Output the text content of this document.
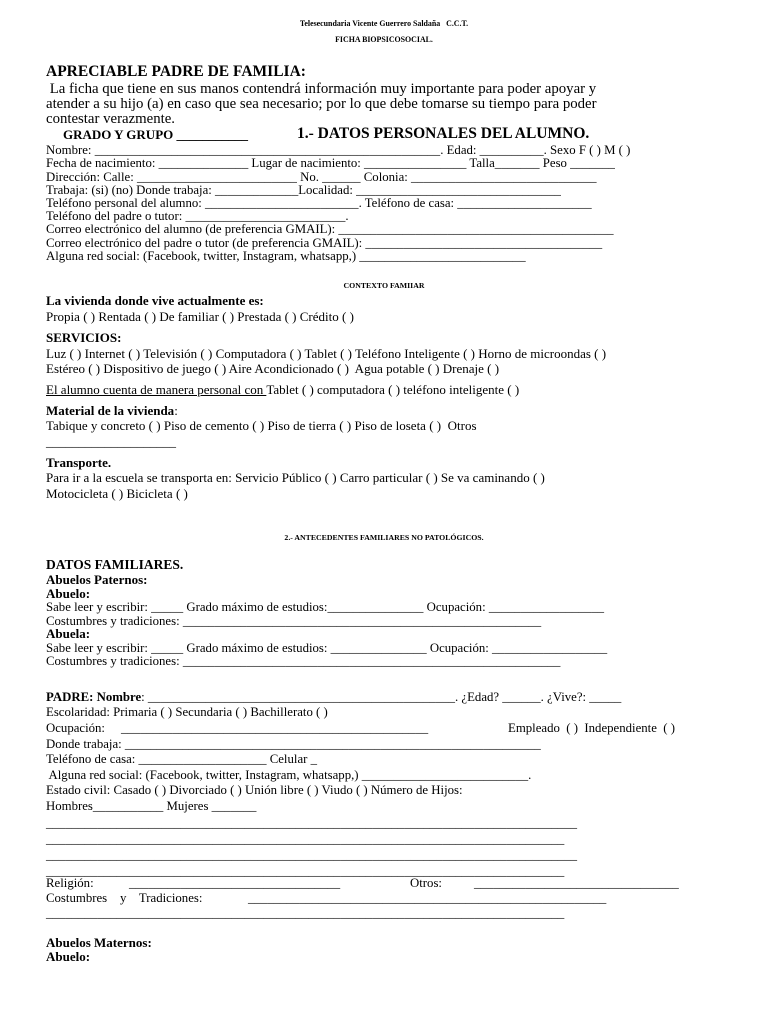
Telesecundaria Vicente Guerrero Saldaña   C.C.T.
FICHA BIOPSICOSOCIAL.
APRECIABLE PADRE DE FAMILIA:
La ficha que tiene en sus manos contendrá información muy importante para poder apoyar y
atender a su hijo (a) en caso que sea necesario; por lo que debe tomarse su tiempo para poder
contestar verazmente.
GRADO Y GRUPO ___________	1.- DATOS PERSONALES DEL ALUMNO.
Nombre: ______________________________________________________. Edad: __________. Sexo F ( ) M ( )
Fecha de nacimiento: ______________ Lugar de nacimiento: ________________ Talla_______ Peso _______
Dirección: Calle: _________________________ No. ______ Colonia: _____________________________
Trabaja: (si) (no) Donde trabaja: _____________Localidad: ________________________________
Teléfono personal del alumno: ________________________. Teléfono de casa: _____________________
Teléfono del padre o tutor: _________________________.
Correo electrónico del alumno (de preferencia GMAIL): ___________________________________________
Correo electrónico del padre o tutor (de preferencia GMAIL): _____________________________________
Alguna red social: (Facebook, twitter, Instagram, whatsapp,) __________________________
CONTEXTO FAMIIAR
La vivienda donde vive actualmente es:
Propia ( ) Rentada ( ) De familiar ( ) Prestada ( ) Crédito ( )
SERVICIOS:
Luz ( ) Internet ( ) Televisión ( ) Computadora ( ) Tablet ( ) Teléfono Inteligente ( ) Horno de microondas ( )
Estéreo ( ) Dispositivo de juego ( ) Aire Acondicionado ( )  Agua potable ( ) Drenaje ( )
El alumno cuenta de manera personal con Tablet ( ) computadora ( ) teléfono inteligente ( )
Material de la vivienda:
Tabique y concreto ( ) Piso de cemento ( ) Piso de tierra ( ) Piso de loseta ( )  Otros
____________________
Transporte.
Para ir a la escuela se transporta en: Servicio Público ( ) Carro particular ( ) Se va caminando ( )
Motocicleta ( ) Bicicleta ( )
2.- ANTECEDENTES FAMILIARES NO PATOLÓGICOS.
DATOS FAMILIARES.
Abuelos Paternos:
Abuelo:
Sabe leer y escribir: _____ Grado máximo de estudios:_______________ Ocupación: __________________
Costumbres y tradiciones: ________________________________________________________
Abuela:
Sabe leer y escribir: _____ Grado máximo de estudios: _______________ Ocupación: __________________
Costumbres y tradiciones: ___________________________________________________________
PADRE: Nombre: ________________________________________________. ¿Edad? ______. ¿Vive?: _____
Escolaridad: Primaria ( ) Secundaria ( ) Bachillerato ( )
Ocupación: ________________________________________________	Empleado  ( )  Independiente  ( )
Donde trabaja: _________________________________________________________________
Teléfono de casa: ____________________ Celular _
Alguna red social: (Facebook, twitter, Instagram, whatsapp,) __________________________.
Estado civil: Casado ( ) Divorciado ( ) Unión libre ( ) Viudo ( ) Número de Hijos:
Hombres___________ Mujeres _______
___________________________________________________________________________________
_________________________________________________________________________________
___________________________________________________________________________________
_________________________________________________________________________________
Religión:	_________________________________	Otros:	________________________________
Costumbres    y    Tradiciones:	________________________________________________________
_________________________________________________________________________________
Abuelos Maternos:
Abuelo:
